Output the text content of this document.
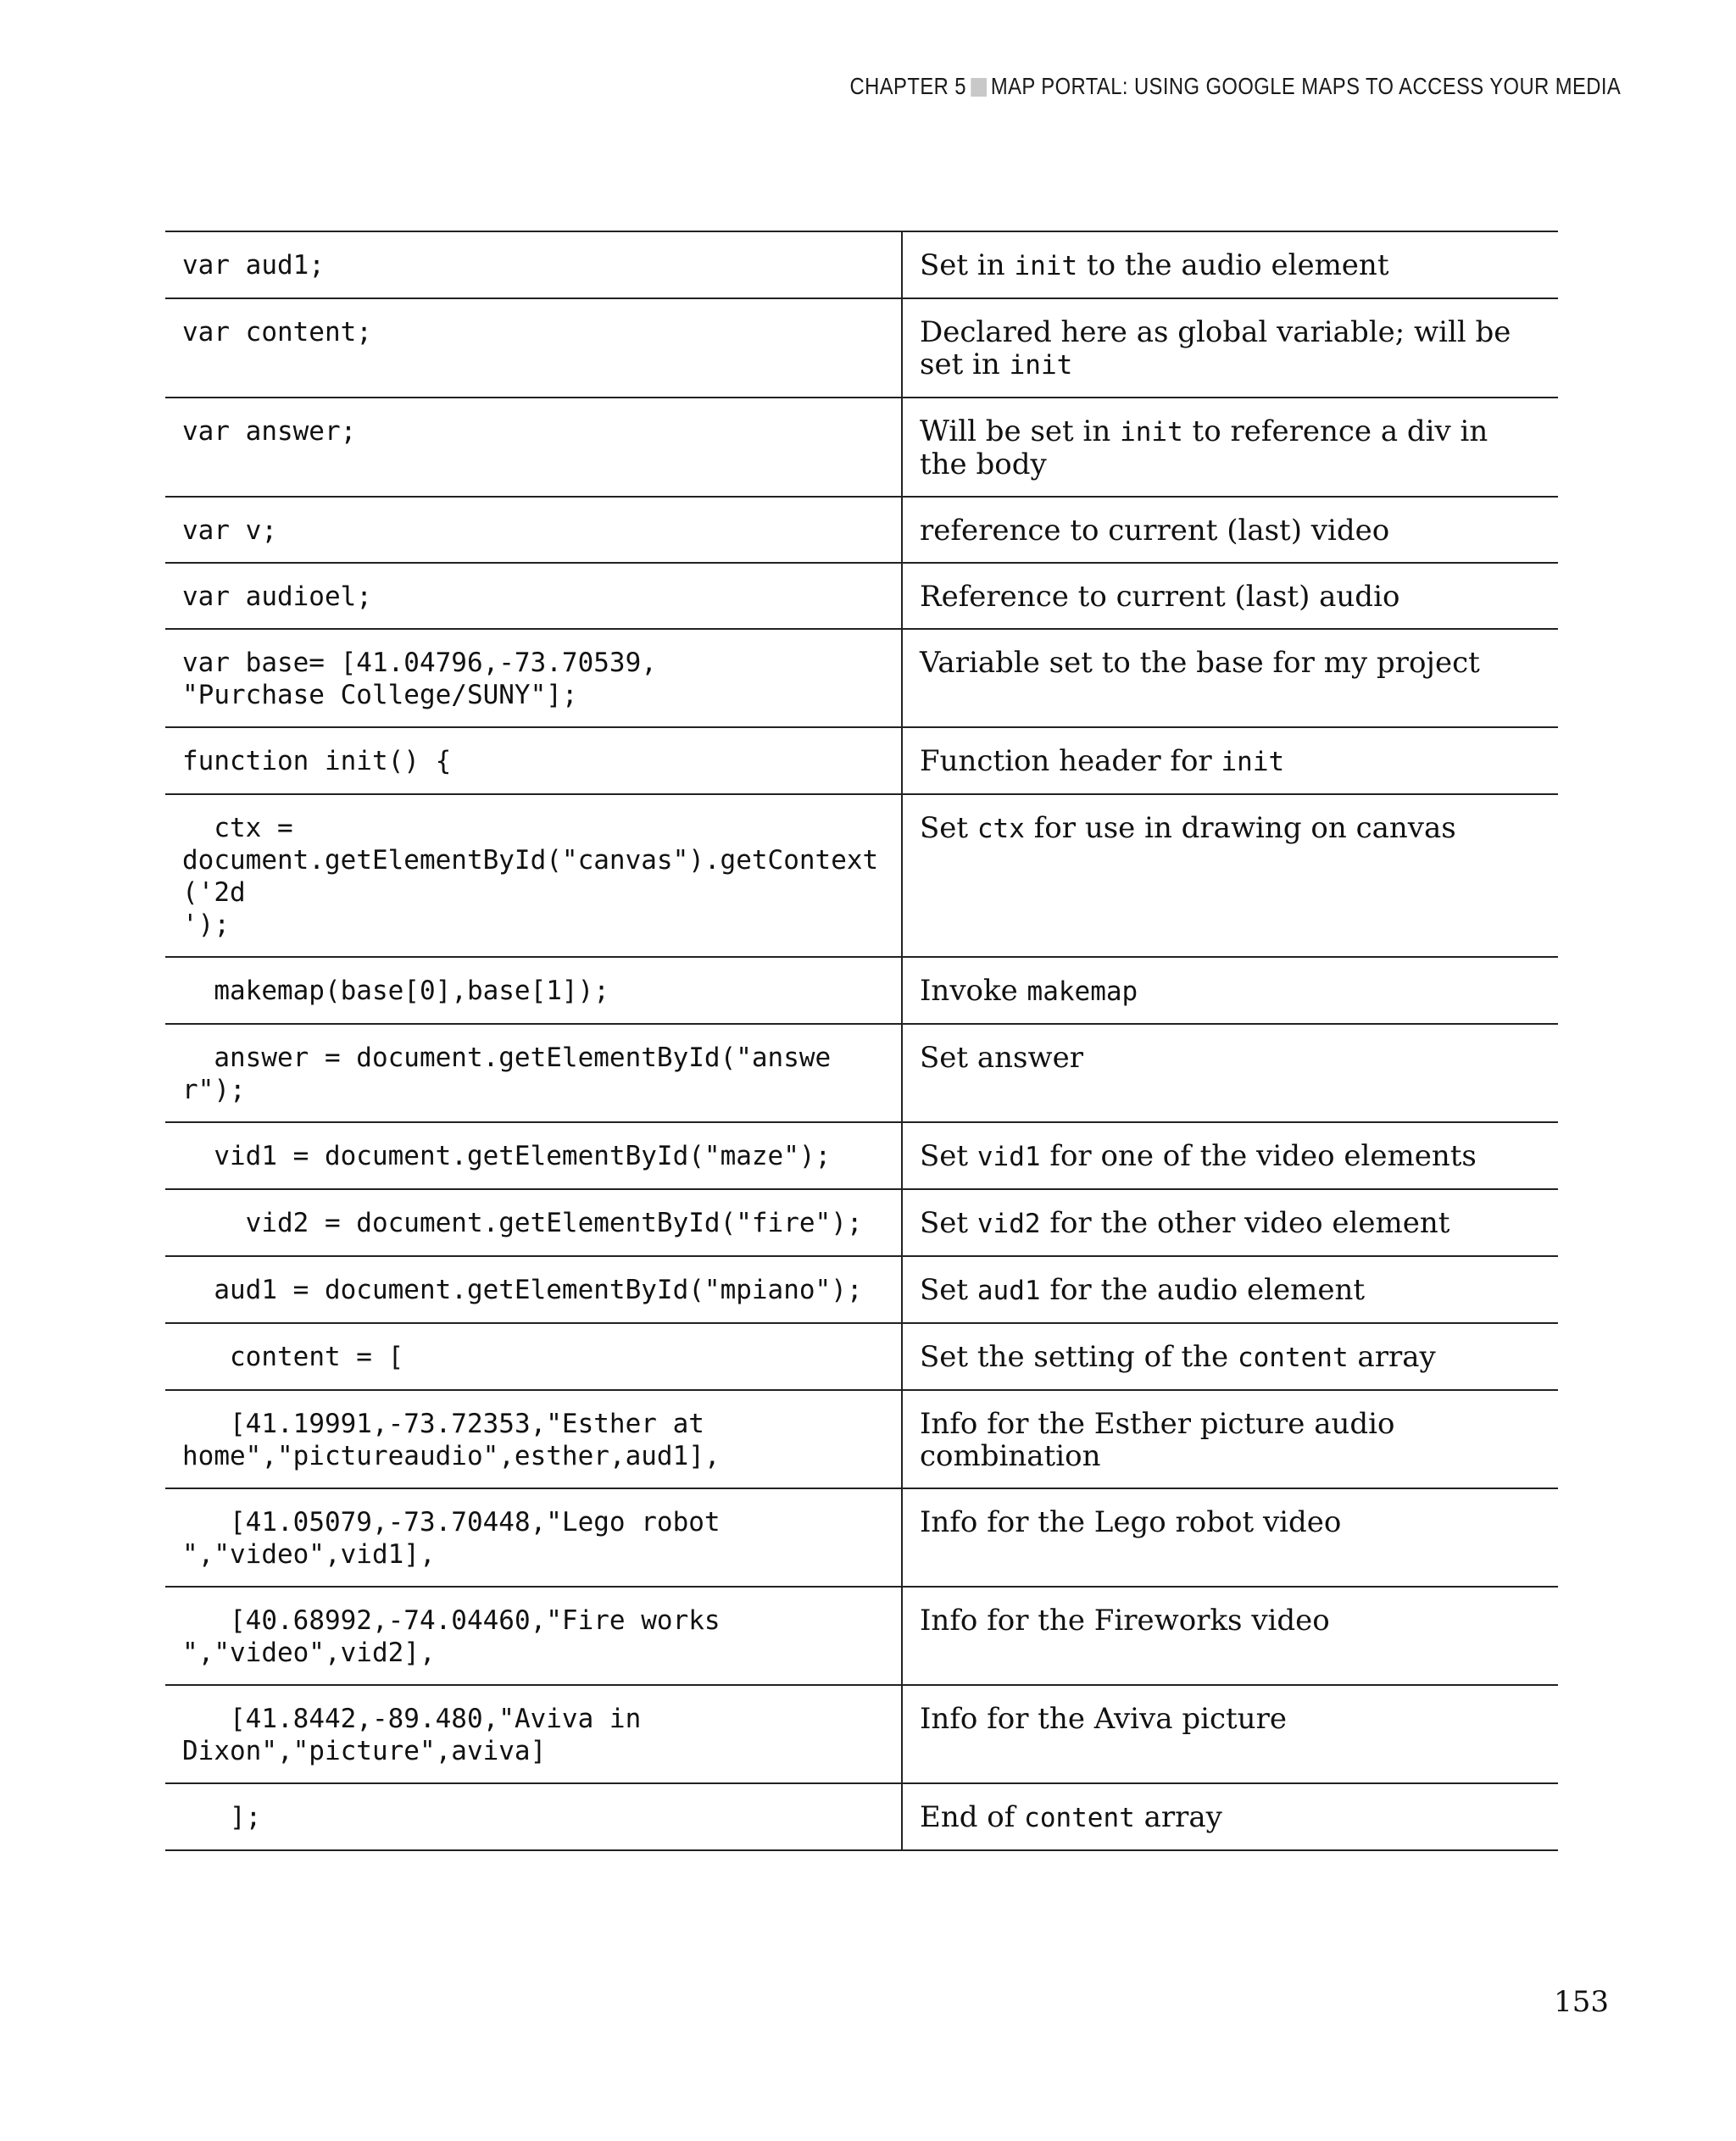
CHAPTER 5 MAP PORTAL: USING GOOGLE MAPS TO ACCESS YOUR MEDIA
var aud1;	Set in init to the audio element
var content;	Declared here as global variable; will be set in init
var answer;	Will be set in init to reference a div in the body
var v;	reference to current (last) video
var audioel;	Reference to current (last) audio
var base= [41.04796,-73.70539,
"Purchase College/SUNY"];	Variable set to the base for my project
function init() {	Function header for init
ctx =
document.getElementById("canvas").getContext('2d
');	Set ctx for use in drawing on canvas
makemap(base[0],base[1]);	Invoke makemap
answer = document.getElementById("answer");	Set answer
vid1 = document.getElementById("maze");	Set vid1 for one of the video elements
vid2 = document.getElementById("fire");	Set vid2 for the other video element
aud1 = document.getElementById("mpiano");	Set aud1 for the audio element
content = [	Set the setting of the content array
[41.19991,-73.72353,"Esther at
home","pictureaudio",esther,aud1],	Info for the Esther picture audio combination
[41.05079,-73.70448,"Lego robot
","video",vid1],	Info for the Lego robot video
[40.68992,-74.04460,"Fire works
","video",vid2],	Info for the Fireworks video
[41.8442,-89.480,"Aviva in
Dixon","picture",aviva]	Info for the Aviva picture
];	End of content array
153
